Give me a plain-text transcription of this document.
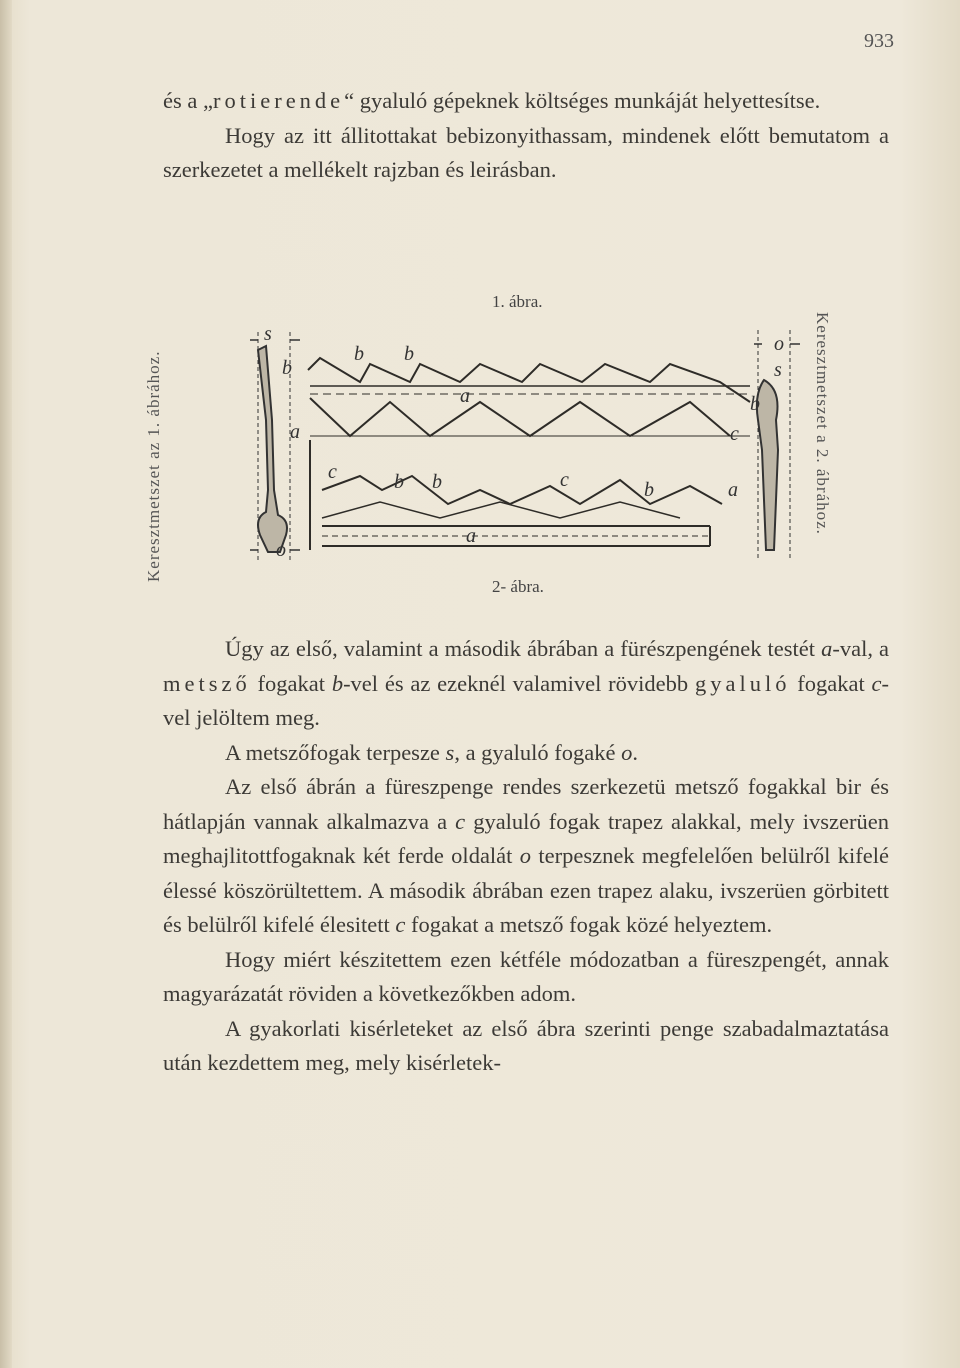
933

és a „rotierende“ gyaluló gépeknek költséges munkáját helyettesítse.

Hogy az itt állitottakat bebizonyithassam, mindenek előtt bemutatom a szerkezetet a mellékelt rajzban és leirásban.

1. ábra.
2- ábra.
Keresztmetszet az 1. ábrához.	Keresztmetszet a 2. ábrához.
s
b
a
c
o
b b
a	b
c
o
s
b b	c	b	a
a

Úgy az első, valamint a második ábrában a fürészpengének testét a-val, a metsző fogakat b-vel és az ezeknél valamivel rövidebb gyaluló fogakat c-vel jelöltem meg.

A metszőfogak terpesze s, a gyaluló fogaké o.

Az első ábrán a füreszpenge rendes szerkezetü metsző fogakkal bir és hátlapján vannak alkalmazva a c gyaluló fogak trapez alakkal, mely ivszerüen meghajlitottfogaknak két ferde oldalát o terpesznek megfelelően belülről kifelé élessé köszörültettem. A második ábrában ezen trapez alaku, ivszerüen görbitett és belülről kifelé élesitett c fogakat a metsző fogak közé helyeztem.

Hogy miért készitettem ezen kétféle módozatban a füreszpengét, annak magyarázatát röviden a következőkben adom.

A gyakorlati kisérleteket az első ábra szerinti penge szabadalmaztatása után kezdettem meg, mely kisérletek-
